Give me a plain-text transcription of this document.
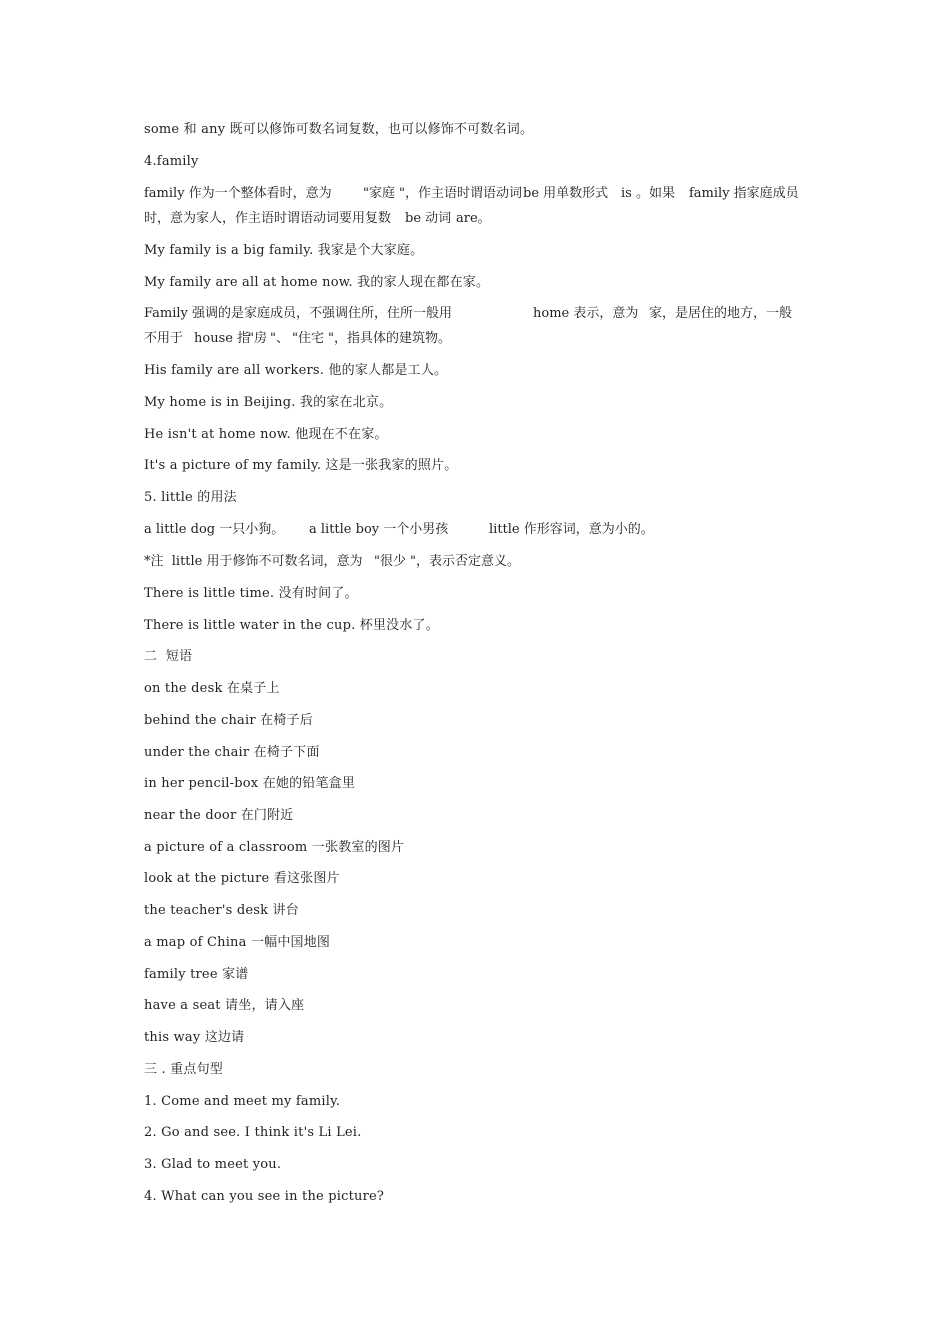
some 和 any 既可以修饰可数名词复数，也可以修饰不可数名词。
4.family
family 作为一个整体看时，意为 "家庭 "，作主语时谓语动词 be 用单数形式 is 。如果 family 指家庭成员
时，意为家人，作主语时谓语动词要用复数 be 动词 are。
My family is a big family. 我家是个大家庭。
My family are all at home now. 我的家人现在都在家。
Family 强调的是家庭成员，不强调住所，住所一般用	home 表示，意为 家，是居住的地方，一般
不用于 house 指
"房 "、 "住宅 "，指具体的建筑物。
His family are all workers. 他的家人都是工人。
My home is in Beijing. 我的家在北京。
He isn't at home now. 他现在不在家。
It's a picture of my family. 这是一张我家的照片。
5. little 的用法
a little dog 一只小狗。 a little boy 一个小男孩	little 作形容词，意为小的。
*注  little 用于修饰不可数名词，意为 "很少 "，表示否定意义。
There is little time. 没有时间了。
There is little water in the cup. 杯里没水了。
二  短语
on the desk 在桌子上
behind the chair 在椅子后
under the chair 在椅子下面
in her pencil-box 在她的铅笔盒里
near the door 在门附近
a picture of a classroom 一张教室的图片
look at the picture 看这张图片
the teacher's desk 讲台
a map of China 一幅中国地图
family tree 家谱
have a seat 请坐，请入座
this way 这边请
三 . 重点句型
1. Come and meet my family.
2. Go and see. I think it's Li Lei.
3. Glad to meet you.
4. What can you see in the picture?
